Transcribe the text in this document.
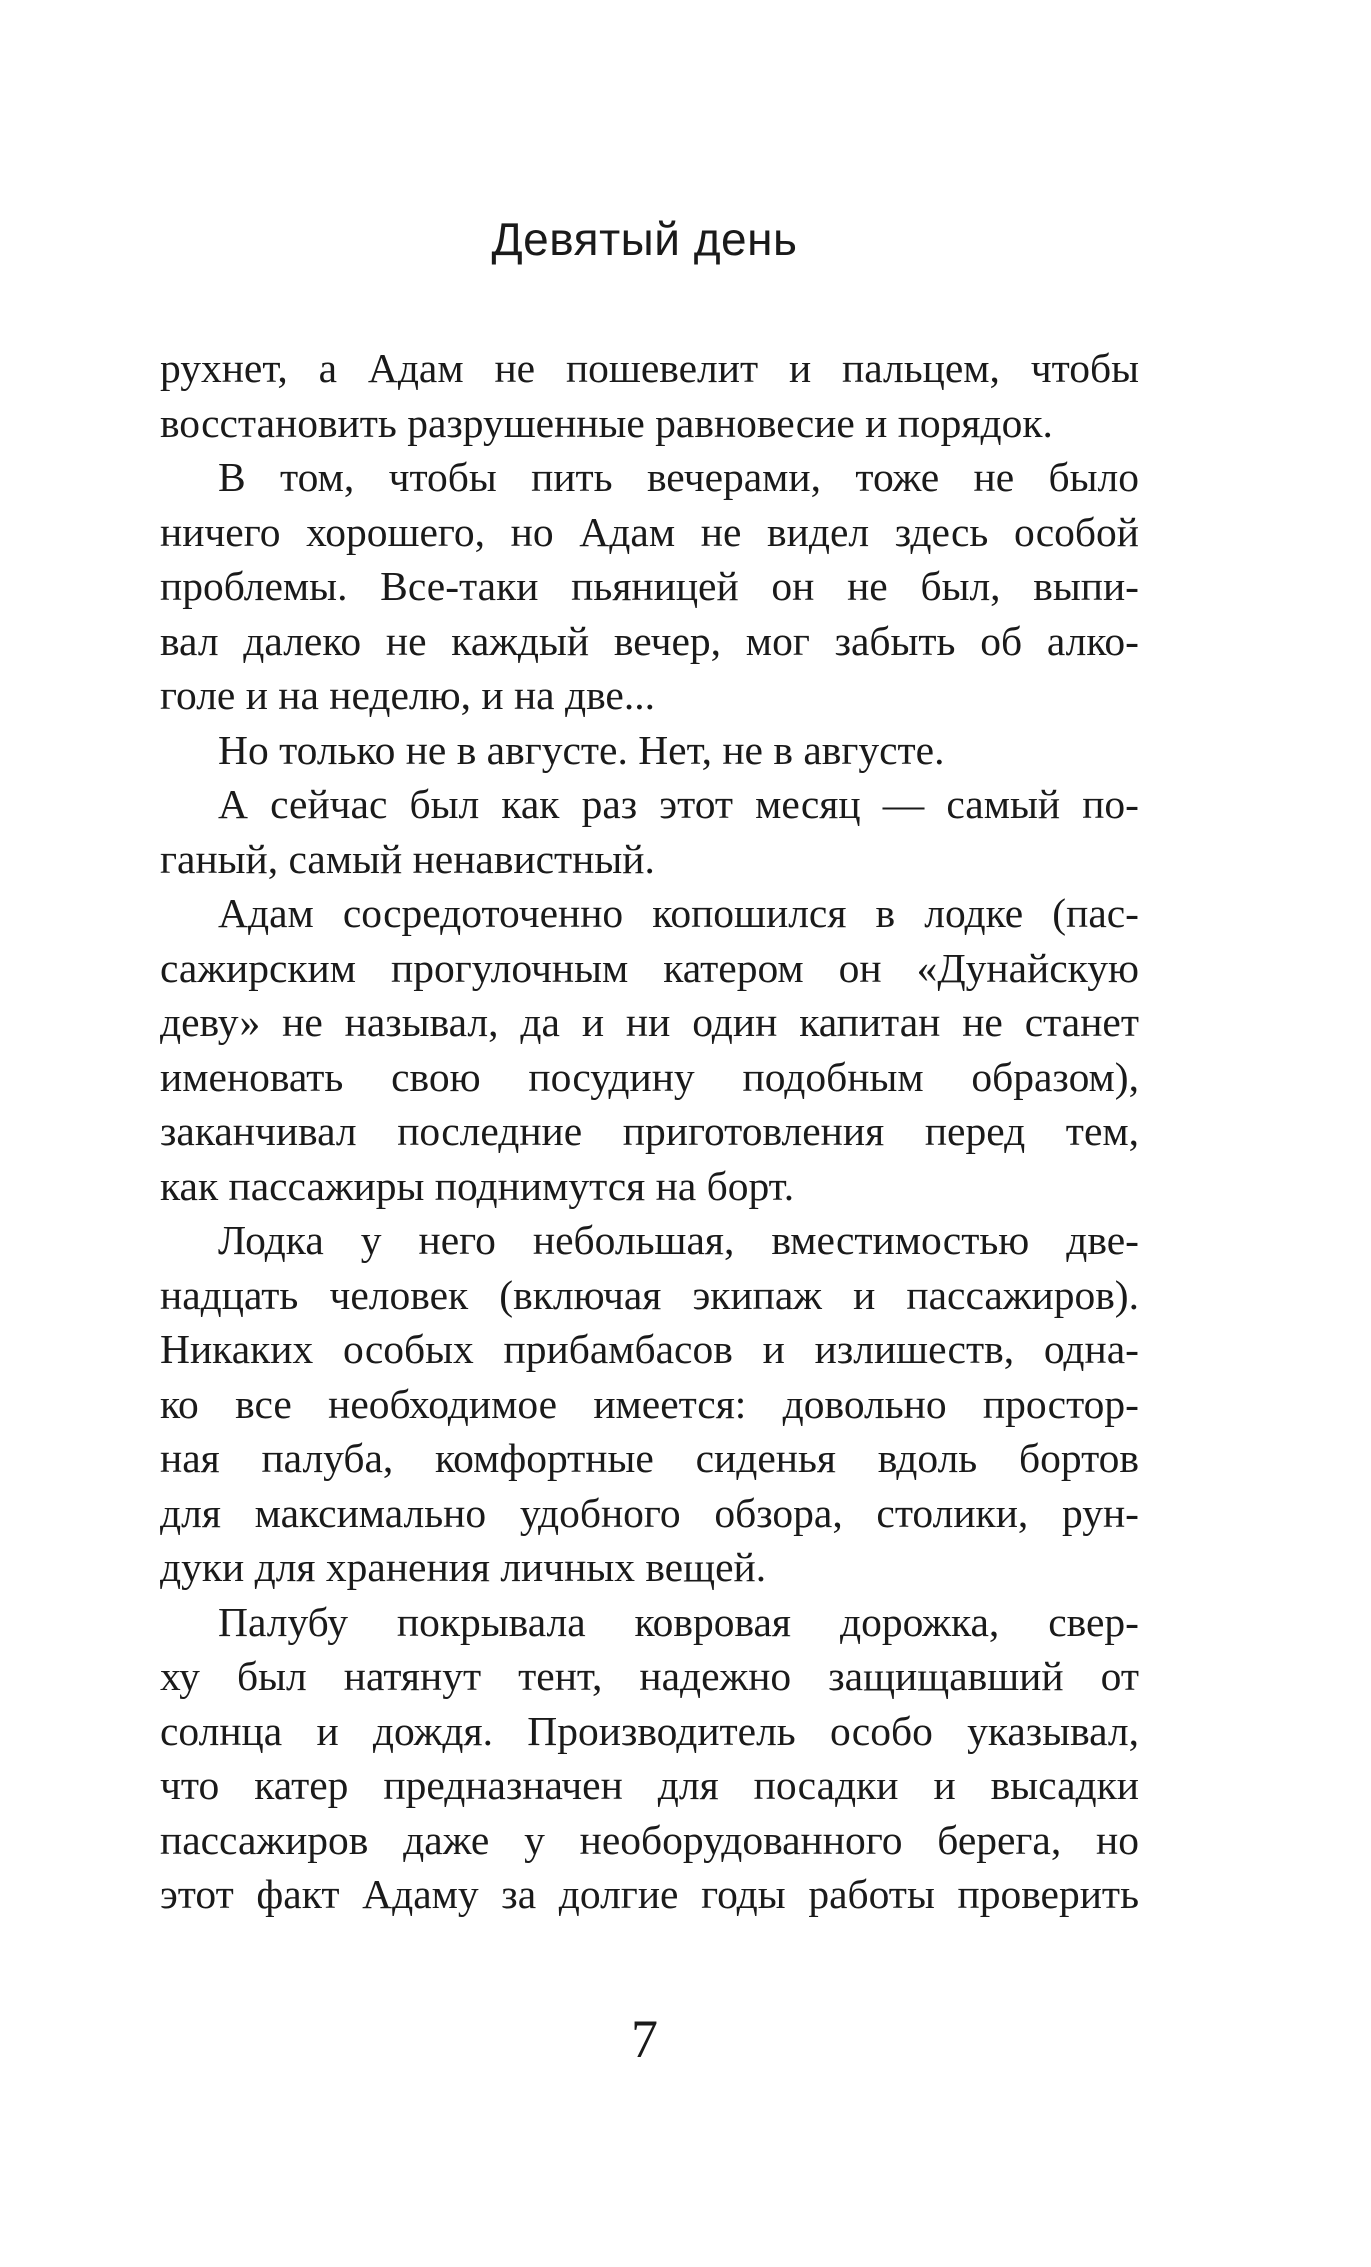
Девятый день
рухнет, а Адам не пошевелит и пальцем, чтобы
восстановить разрушенные равновесие и порядок.
В том, чтобы пить вечерами, тоже не было
ничего хорошего, но Адам не видел здесь особой
проблемы. Все-таки пьяницей он не был, выпи-
вал далеко не каждый вечер, мог забыть об алко-
голе и на неделю, и на две...
Но только не в августе. Нет, не в августе.
А сейчас был как раз этот месяц — самый по-
ганый, самый ненавистный.
Адам сосредоточенно копошился в лодке (пас-
сажирским прогулочным катером он «Дунайскую
деву» не называл, да и ни один капитан не станет
именовать свою посудину подобным образом),
заканчивал последние приготовления перед тем,
как пассажиры поднимутся на борт.
Лодка у него небольшая, вместимостью две-
надцать человек (включая экипаж и пассажиров).
Никаких особых прибамбасов и излишеств, одна-
ко все необходимое имеется: довольно простор-
ная палуба, комфортные сиденья вдоль бортов
для максимально удобного обзора, столики, рун-
дуки для хранения личных вещей.
Палубу покрывала ковровая дорожка, свер-
ху был натянут тент, надежно защищавший от
солнца и дождя. Производитель особо указывал,
что катер предназначен для посадки и высадки
пассажиров даже у необорудованного берега, но
этот факт Адаму за долгие годы работы проверить
7
